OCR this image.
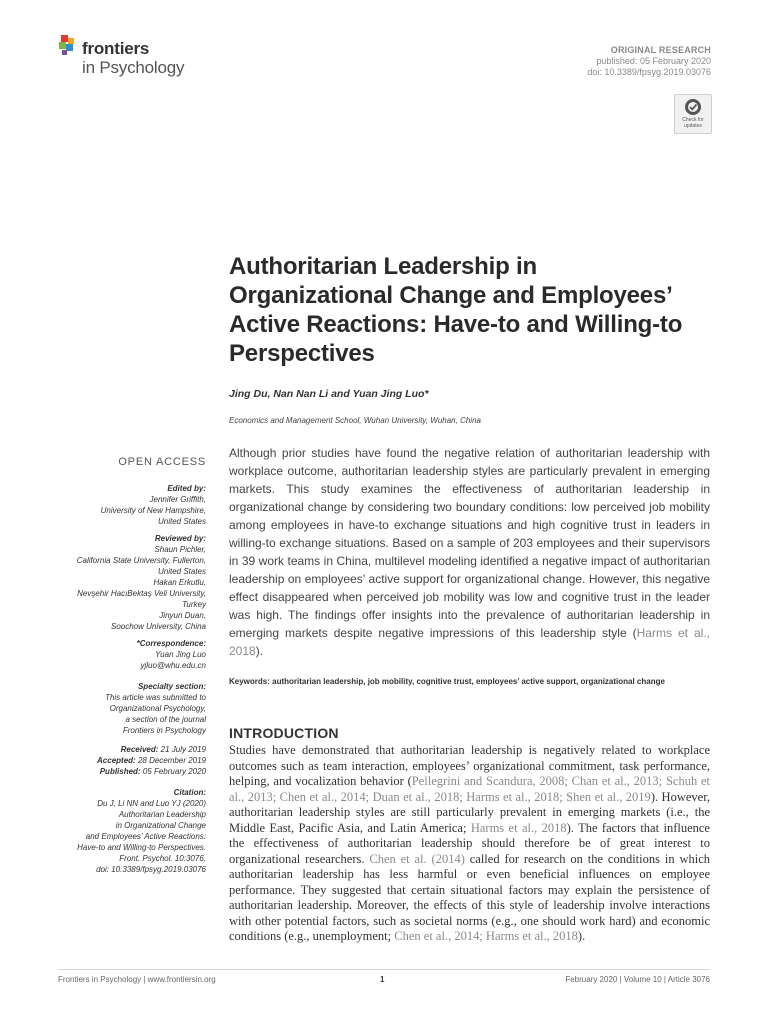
frontiers
in Psychology
ORIGINAL RESEARCH
published: 05 February 2020
doi: 10.3389/fpsyg.2019.03076
Check for updates
Authoritarian Leadership in Organizational Change and Employees’ Active Reactions: Have-to and Willing-to Perspectives
Jing Du, Nan Nan Li and Yuan Jing Luo*
Economics and Management School, Wuhan University, Wuhan, China
OPEN ACCESS
Edited by:
Jennifer Griffith,
University of New Hampshire,
United States
Reviewed by:
Shaun Pichler,
California State University, Fullerton,
United States
Hakan Erkutlu,
Nevşehir HacıBektaş Veli University,
Turkey
Jinyun Duan,
Soochow University, China
*Correspondence:
Yuan Jing Luo
yjluo@whu.edu.cn
Specialty section:
This article was submitted to
Organizational Psychology,
a section of the journal
Frontiers in Psychology
Received: 21 July 2019
Accepted: 28 December 2019
Published: 05 February 2020
Citation:
Du J, Li NN and Luo YJ (2020)
Authoritarian Leadership
in Organizational Change
and Employees’ Active Reactions:
Have-to and Willing-to Perspectives.
Front. Psychol. 10:3076.
doi: 10.3389/fpsyg.2019.03076
Although prior studies have found the negative relation of authoritarian leadership with workplace outcome, authoritarian leadership styles are particularly prevalent in emerging markets. This study examines the effectiveness of authoritarian leadership in organizational change by considering two boundary conditions: low perceived job mobility among employees in have-to exchange situations and high cognitive trust in leaders in willing-to exchange situations. Based on a sample of 203 employees and their supervisors in 39 work teams in China, multilevel modeling identified a negative impact of authoritarian leadership on employees’ active support for organizational change. However, this negative effect disappeared when perceived job mobility was low and cognitive trust in the leader was high. The findings offer insights into the prevalence of authoritarian leadership in emerging markets despite negative impressions of this leadership style (Harms et al., 2018).
Keywords: authoritarian leadership, job mobility, cognitive trust, employees’ active support, organizational change
INTRODUCTION
Studies have demonstrated that authoritarian leadership is negatively related to workplace outcomes such as team interaction, employees’ organizational commitment, task performance, helping, and vocalization behavior (Pellegrini and Scandura, 2008; Chan et al., 2013; Schuh et al., 2013; Chen et al., 2014; Duan et al., 2018; Harms et al., 2018; Shen et al., 2019). However, authoritarian leadership styles are still particularly prevalent in emerging markets (i.e., the Middle East, Pacific Asia, and Latin America; Harms et al., 2018). The factors that influence the effectiveness of authoritarian leadership should therefore be of great interest to organizational researchers. Chen et al. (2014) called for research on the conditions in which authoritarian leadership has less harmful or even beneficial influences on employee performance. They suggested that certain situational factors may explain the persistence of authoritarian leadership. Moreover, the effects of this style of leadership involve interactions with other potential factors, such as societal norms (e.g., one should work hard) and economic conditions (e.g., unemployment; Chen et al., 2014; Harms et al., 2018).
Frontiers in Psychology | www.frontiersin.org	1	February 2020 | Volume 10 | Article 3076
